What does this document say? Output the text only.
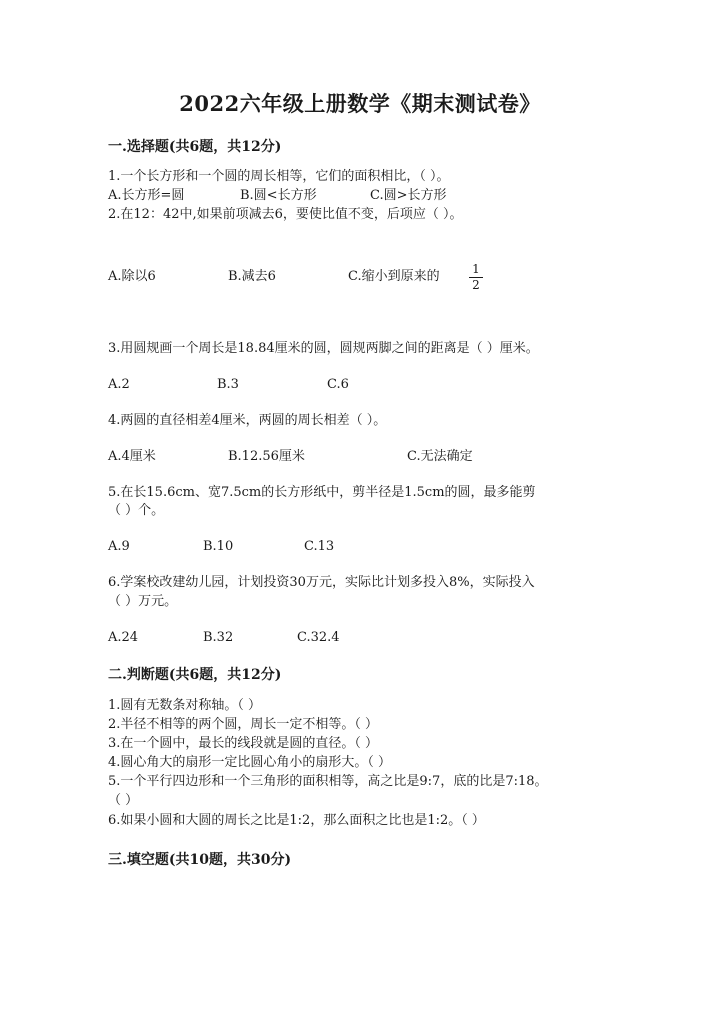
2022六年级上册数学《期末测试卷》
一.选择题(共6题，共12分)
1.一个长方形和一个圆的周长相等，它们的面积相比，（ ）。
A.长方形=圆	B.圆<长方形	C.圆>长方形
2.在12：42中,如果前项减去6，要使比值不变，后项应（ ）。
A.除以6	B.减去6	C.缩小到原来的	1
2
3.用圆规画一个周长是18.84厘米的圆，圆规两脚之间的距离是（ ）厘米。
A.2	B.3	C.6
4.两圆的直径相差4厘米，两圆的周长相差（ ）。
A.4厘米	B.12.56厘米	C.无法确定
5.在长15.6cm、宽7.5cm的长方形纸中，剪半径是1.5cm的圆，最多能剪
（ ）个。
A.9	B.10	C.13
6.学案校改建幼儿园，计划投资30万元，实际比计划多投入8%，实际投入
（ ）万元。
A.24	B.32	C.32.4
二.判断题(共6题，共12分)
1.圆有无数条对称轴。（ ）
2.半径不相等的两个圆，周长一定不相等。（ ）
3.在一个圆中，最长的线段就是圆的直径。（ ）
4.圆心角大的扇形一定比圆心角小的扇形大。（ ）
5.一个平行四边形和一个三角形的面积相等，高之比是9:7，底的比是7:18。
（ ）
6.如果小圆和大圆的周长之比是1:2，那么面积之比也是1:2。（ ）
三.填空题(共10题，共30分)
